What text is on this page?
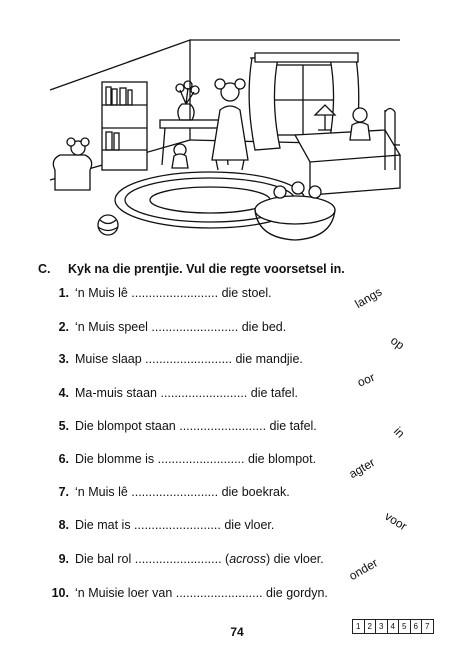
C. Kyk na die prentjie. Vul die regte voorsetsel in.
1. ‘n Muis lê ......................... die stoel.
2. ‘n Muis speel ......................... die bed.
3. Muise slaap ......................... die mandjie.
4. Ma-muis staan ......................... die tafel.
5. Die blompot staan ......................... die tafel.
6. Die blomme is ......................... die blompot.
7. ‘n Muis lê ......................... die boekrak.
8. Die mat is ......................... die vloer.
9. Die bal rol ......................... (across) die vloer.
10. ‘n Muisie loer van ......................... die gordyn.
langs
op
oor
in
agter
voor
onder
74	1 2 3 4 5 6 7
